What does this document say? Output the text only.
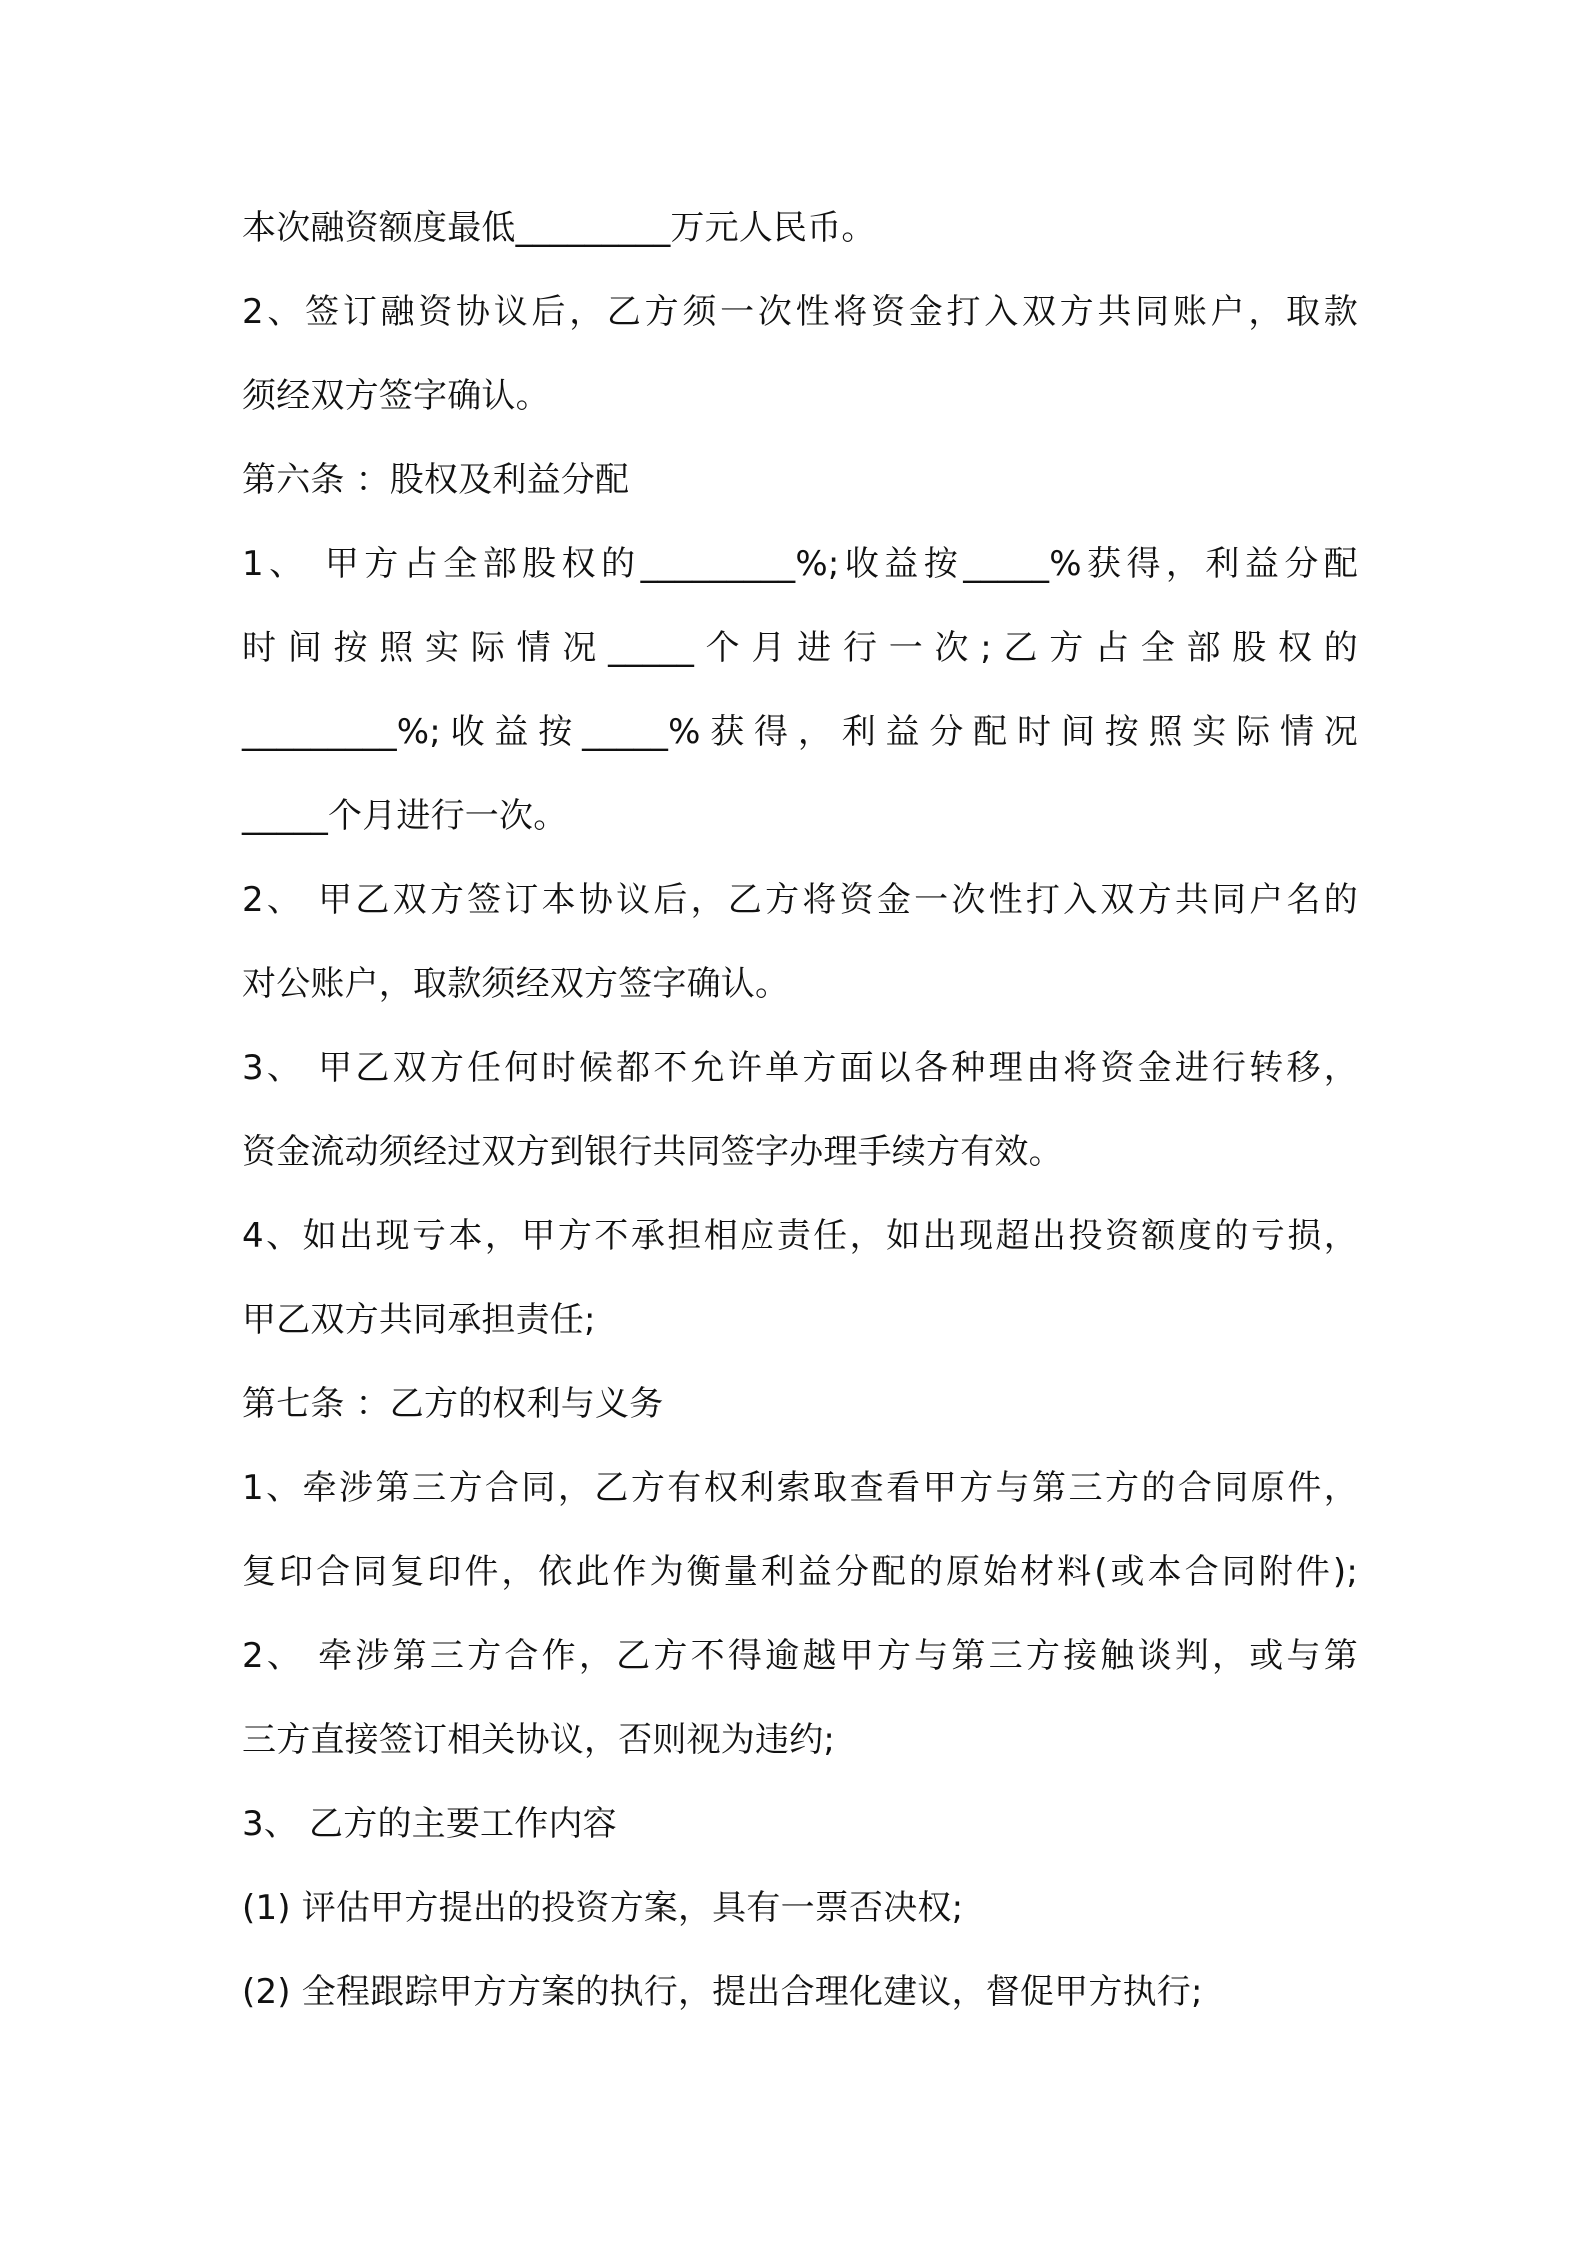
本次融资额度最低_________万元人民币。
2、签订融资协议后，乙方须一次性将资金打入双方共同账户，取款
须经双方签字确认。
第六条 ：股权及利益分配
1、 甲方占全部股权的_________%;收益按_____%获得，利益分配
时间按照实际情况_____个月进行一次;乙方占全部股权的
_________%;收益按_____%获得，利益分配时间按照实际情况
_____个月进行一次。
2、 甲乙双方签订本协议后，乙方将资金一次性打入双方共同户名的
对公账户，取款须经双方签字确认。
3、 甲乙双方任何时候都不允许单方面以各种理由将资金进行转移，
资金流动须经过双方到银行共同签字办理手续方有效。
4、如出现亏本，甲方不承担相应责任，如出现超出投资额度的亏损，
甲乙双方共同承担责任;
第七条 ：乙方的权利与义务
1、牵涉第三方合同，乙方有权利索取查看甲方与第三方的合同原件，
复印合同复印件，依此作为衡量利益分配的原始材料(或本合同附件);
2、 牵涉第三方合作，乙方不得逾越甲方与第三方接触谈判，或与第
三方直接签订相关协议，否则视为违约;
3、 乙方的主要工作内容
(1) 评估甲方提出的投资方案，具有一票否决权;
(2) 全程跟踪甲方方案的执行，提出合理化建议，督促甲方执行;
